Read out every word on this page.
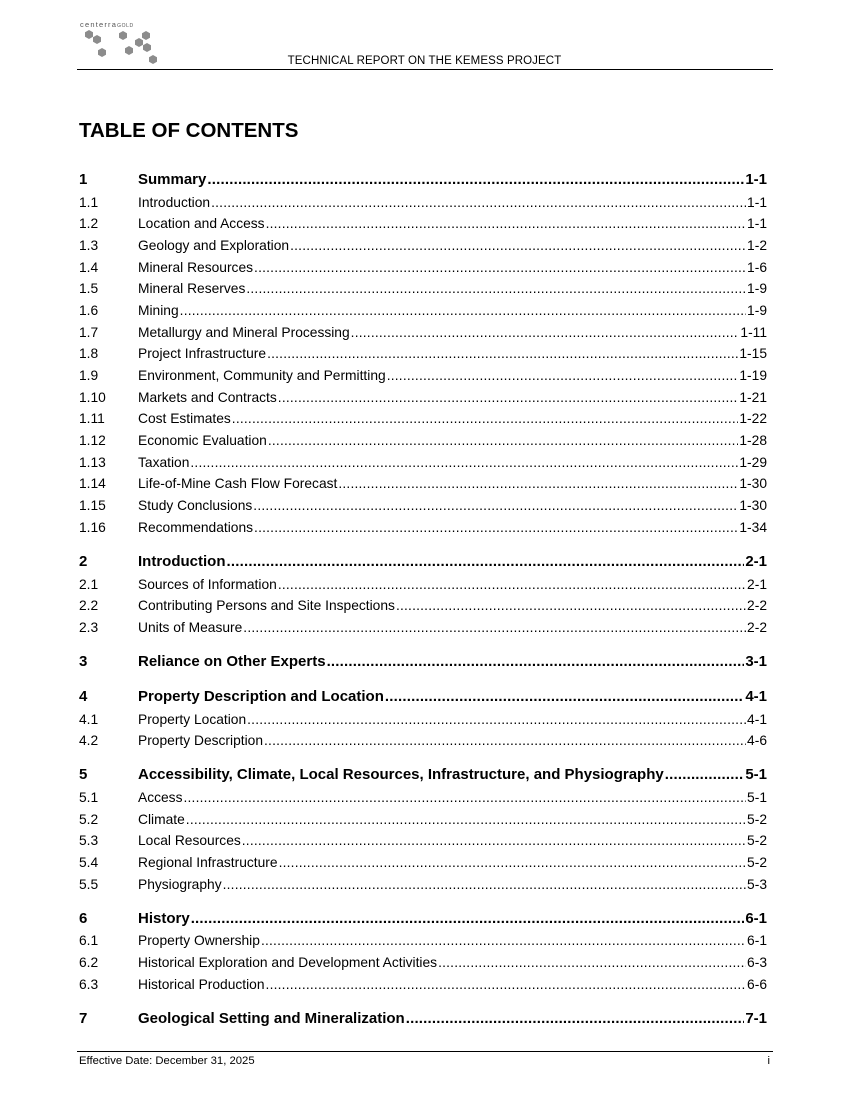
centerraGOLD
TECHNICAL REPORT ON THE KEMESS PROJECT
TABLE OF CONTENTS
1	Summary .....	1-1
1.1	Introduction .....	1-1
1.2	Location and Access .....	1-1
1.3	Geology and Exploration .....	1-2
1.4	Mineral Resources .....	1-6
1.5	Mineral Reserves .....	1-9
1.6	Mining .....	1-9
1.7	Metallurgy and Mineral Processing .....	1-11
1.8	Project Infrastructure .....	1-15
1.9	Environment, Community and Permitting .....	1-19
1.10	Markets and Contracts .....	1-21
1.11	Cost Estimates .....	1-22
1.12	Economic Evaluation .....	1-28
1.13	Taxation .....	1-29
1.14	Life-of-Mine Cash Flow Forecast .....	1-30
1.15	Study Conclusions .....	1-30
1.16	Recommendations .....	1-34
2	Introduction .....	2-1
2.1	Sources of Information .....	2-1
2.2	Contributing Persons and Site Inspections .....	2-2
2.3	Units of Measure .....	2-2
3	Reliance on Other Experts .....	3-1
4	Property Description and Location .....	4-1
4.1	Property Location .....	4-1
4.2	Property Description .....	4-6
5	Accessibility, Climate, Local Resources, Infrastructure, and Physiography .....	5-1
5.1	Access .....	5-1
5.2	Climate .....	5-2
5.3	Local Resources .....	5-2
5.4	Regional Infrastructure .....	5-2
5.5	Physiography .....	5-3
6	History .....	6-1
6.1	Property Ownership .....	6-1
6.2	Historical Exploration and Development Activities .....	6-3
6.3	Historical Production .....	6-6
7	Geological Setting and Mineralization .....	7-1
Effective Date: December 31, 2025	i
